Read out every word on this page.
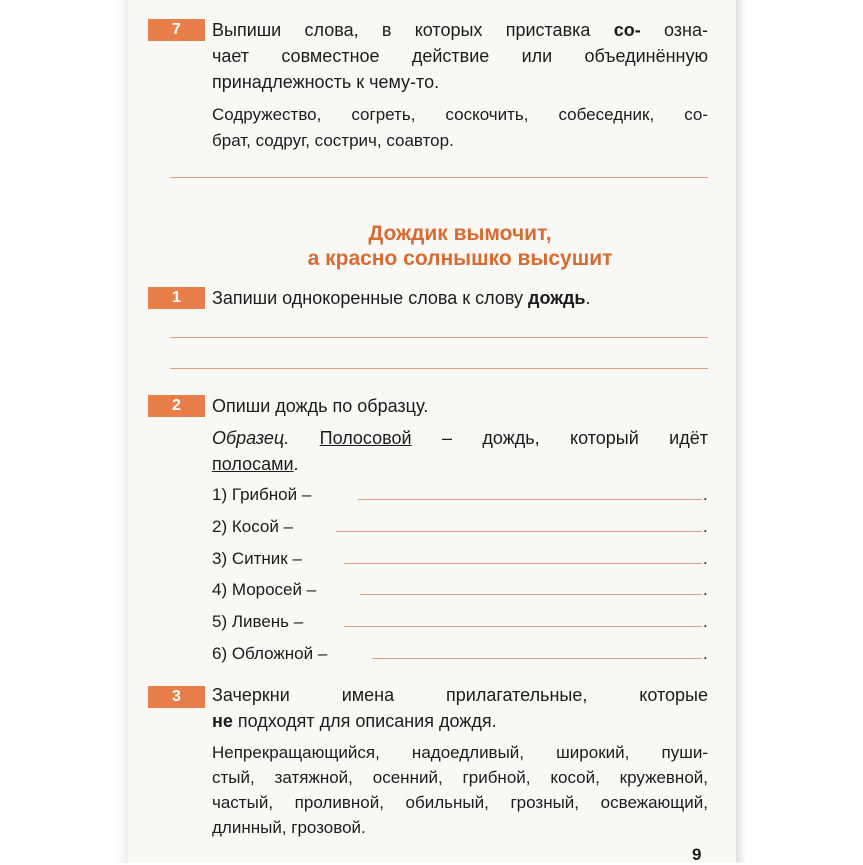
7 Выпиши слова, в которых приставка со- озна-
чает совместное действие или объединённую
принадлежность к чему-то.
Содружество, согреть, соскочить, собеседник, со-
брат, содруг, сострич, соавтор.
Дождик вымочит,
а красно солнышко высушит
1 Запиши однокоренные слова к слову дождь.
2 Опиши дождь по образцу.
Образец. Полосовой – дождь, который идёт
полосами.
1) Грибной –	.
2) Косой –	.
3) Ситник –	.
4) Моросей –	.
5) Ливень –	.
6) Обложной –	.
3 Зачеркни имена прилагательные, которые
не подходят для описания дождя.
Непрекращающийся, надоедливый, широкий, пуши-
стый, затяжной, осенний, грибной, косой, кружевной,
частый, проливной, обильный, грозный, освежающий,
длинный, грозовой.
9
